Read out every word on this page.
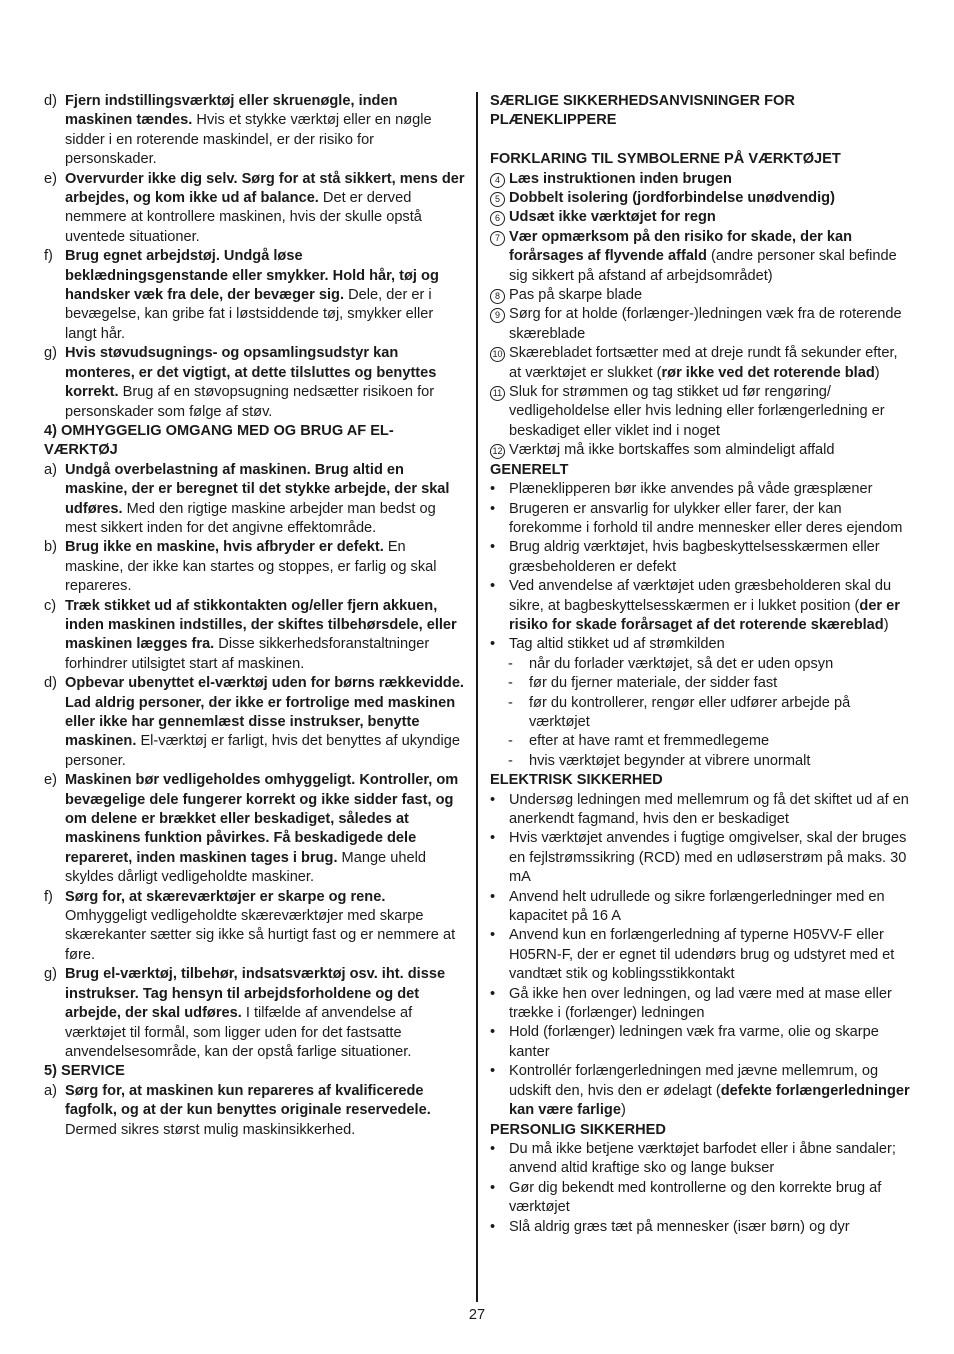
d) Fjern indstillingsværktøj eller skruenøgle, inden maskinen tændes. Hvis et stykke værktøj eller en nøgle sidder i en roterende maskindel, er der risiko for personskader.
e) Overvurder ikke dig selv. Sørg for at stå sikkert, mens der arbejdes, og kom ikke ud af balance. Det er derved nemmere at kontrollere maskinen, hvis der skulle opstå uventede situationer.
f) Brug egnet arbejdstøj. Undgå løse beklædningsgenstande eller smykker. Hold hår, tøj og handsker væk fra dele, der bevæger sig. Dele, der er i bevægelse, kan gribe fat i løstsiddende tøj, smykker eller langt hår.
g) Hvis støvudsugnings- og opsamlingsudstyr kan monteres, er det vigtigt, at dette tilsluttes og benyttes korrekt. Brug af en støvopsugning nedsætter risikoen for personskader som følge af støv.
4) OMHYGGELIG OMGANG MED OG BRUG AF EL-VÆRKTØJ
a) Undgå overbelastning af maskinen. Brug altid en maskine, der er beregnet til det stykke arbejde, der skal udføres. Med den rigtige maskine arbejder man bedst og mest sikkert inden for det angivne effektområde.
b) Brug ikke en maskine, hvis afbryder er defekt. En maskine, der ikke kan startes og stoppes, er farlig og skal repareres.
c) Træk stikket ud af stikkontakten og/eller fjern akkuen, inden maskinen indstilles, der skiftes tilbehørsdele, eller maskinen lægges fra. Disse sikkerhedsforanstaltninger forhindrer utilsigtet start af maskinen.
d) Opbevar ubenyttet el-værktøj uden for børns rækkevidde. Lad aldrig personer, der ikke er fortrolige med maskinen eller ikke har gennemlæst disse instrukser, benytte maskinen. El-værktøj er farligt, hvis det benyttes af ukyndige personer.
e) Maskinen bør vedligeholdes omhyggeligt. Kontroller, om bevægelige dele fungerer korrekt og ikke sidder fast, og om delene er brækket eller beskadiget, således at maskinens funktion påvirkes. Få beskadigede dele repareret, inden maskinen tages i brug. Mange uheld skyldes dårligt vedligeholdte maskiner.
f) Sørg for, at skæreværktøjer er skarpe og rene. Omhyggeligt vedligeholdte skæreværktøjer med skarpe skærekanter sætter sig ikke så hurtigt fast og er nemmere at føre.
g) Brug el-værktøj, tilbehør, indsatsværktøj osv. iht. disse instrukser. Tag hensyn til arbejdsforholdene og det arbejde, der skal udføres. I tilfælde af anvendelse af værktøjet til formål, som ligger uden for det fastsatte anvendelsesområde, kan der opstå farlige situationer.
5) SERVICE
a) Sørg for, at maskinen kun repareres af kvalificerede fagfolk, og at der kun benyttes originale reservedele. Dermed sikres størst mulig maskinsikkerhed.
SÆRLIGE SIKKERHEDSANVISNINGER FOR PLÆNEKLIPPERE
FORKLARING TIL SYMBOLERNE PÅ VÆRKTØJET
4 Læs instruktionen inden brugen
5 Dobbelt isolering (jordforbindelse unødvendig)
6 Udsæt ikke værktøjet for regn
7 Vær opmærksom på den risiko for skade, der kan forårsages af flyvende affald (andre personer skal befinde sig sikkert på afstand af arbejdsområdet)
8 Pas på skarpe blade
9 Sørg for at holde (forlænger-)ledningen væk fra de roterende skæreblade
10 Skærebladet fortsætter med at dreje rundt få sekunder efter, at værktøjet er slukket (rør ikke ved det roterende blad)
11 Sluk for strømmen og tag stikket ud før rengøring/ vedligeholdelse eller hvis ledning eller forlængerledning er beskadiget eller viklet ind i noget
12 Værktøj må ikke bortskaffes som almindeligt affald
GENERELT
• Plæneklipperen bør ikke anvendes på våde græsplæner
• Brugeren er ansvarlig for ulykker eller farer, der kan forekomme i forhold til andre mennesker eller deres ejendom
• Brug aldrig værktøjet, hvis bagbeskyttelsesskærmen eller græsbeholderen er defekt
• Ved anvendelse af værktøjet uden græsbeholderen skal du sikre, at bagbeskyttelsesskærmen er i lukket position (der er risiko for skade forårsaget af det roterende skæreblad)
• Tag altid stikket ud af strømkilden
- når du forlader værktøjet, så det er uden opsyn
- før du fjerner materiale, der sidder fast
- før du kontrollerer, rengør eller udfører arbejde på værktøjet
- efter at have ramt et fremmedlegeme
- hvis værktøjet begynder at vibrere unormalt
ELEKTRISK SIKKERHED
• Undersøg ledningen med mellemrum og få det skiftet ud af en anerkendt fagmand, hvis den er beskadiget
• Hvis værktøjet anvendes i fugtige omgivelser, skal der bruges en fejlstrømssikring (RCD) med en udløserstrøm på maks. 30 mA
• Anvend helt udrullede og sikre forlængerledninger med en kapacitet på 16 A
• Anvend kun en forlængerledning af typerne H05VV-F eller H05RN-F, der er egnet til udendørs brug og udstyret med et vandtæt stik og koblingsstikkontakt
• Gå ikke hen over ledningen, og lad være med at mase eller trække i (forlænger) ledningen
• Hold (forlænger) ledningen væk fra varme, olie og skarpe kanter
• Kontrollér forlængerledningen med jævne mellemrum, og udskift den, hvis den er ødelagt (defekte forlængerledninger kan være farlige)
PERSONLIG SIKKERHED
• Du må ikke betjene værktøjet barfodet eller i åbne sandaler; anvend altid kraftige sko og lange bukser
• Gør dig bekendt med kontrollerne og den korrekte brug af værktøjet
• Slå aldrig græs tæt på mennesker (især børn) og dyr
27
